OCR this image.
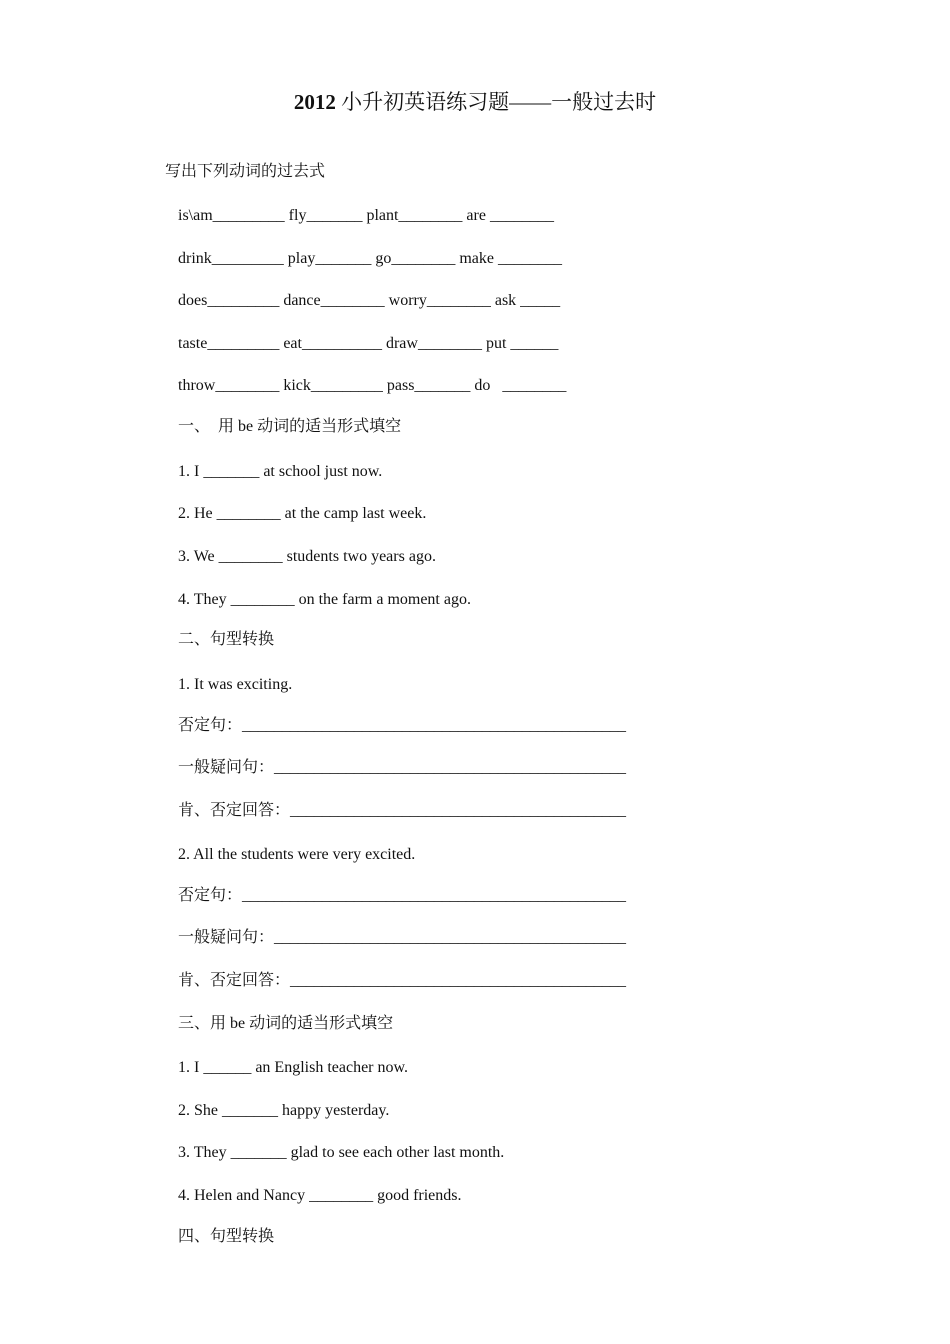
2012 小升初英语练习题——一般过去时
写出下列动词的过去式
is\am_________ fly_______ plant________ are ________
drink_________ play_______ go________ make ________
does_________ dance________ worry________ ask _____
taste_________ eat__________ draw________ put ______
throw________ kick_________ pass_______ do   ________
一、  用 be 动词的适当形式填空
1. I _______ at school just now.
2. He ________ at the camp last week.
3. We ________ students two years ago.
4. They ________ on the farm a moment ago.
二、句型转换
1. It was exciting.
否定句：________________________________________________
一般疑问句：____________________________________________
肯、否定回答：__________________________________________
2. All the students were very excited.
否定句：________________________________________________
一般疑问句：____________________________________________
肯、否定回答：__________________________________________
三、用 be 动词的适当形式填空
1. I ______ an English teacher now.
2. She _______ happy yesterday.
3. They _______ glad to see each other last month.
4. Helen and Nancy ________ good friends.
四、句型转换
